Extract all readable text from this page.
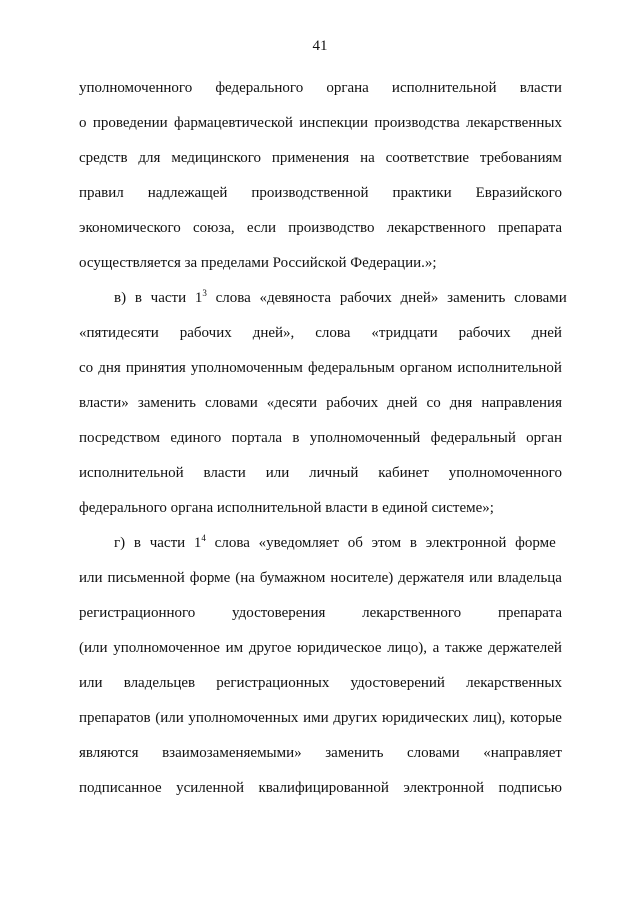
41
уполномоченного федерального органа исполнительной власти
о проведении фармацевтической инспекции производства лекарственных
средств для медицинского применения на соответствие требованиям
правил надлежащей производственной практики Евразийского
экономического союза, если производство лекарственного препарата
осуществляется за пределами Российской Федерации.»;
в) в части $1^3$ слова «девяноста рабочих дней» заменить словами
«пятидесяти рабочих дней», слова «тридцати рабочих дней
со дня принятия уполномоченным федеральным органом исполнительной
власти» заменить словами «десяти рабочих дней со дня направления
посредством единого портала в уполномоченный федеральный орган
исполнительной власти или личный кабинет уполномоченного
федерального органа исполнительной власти в единой системе»;
г) в части $1^4$ слова «уведомляет об этом в электронной форме
или письменной форме (на бумажном носителе) держателя или владельца
регистрационного удостоверения лекарственного препарата
(или уполномоченное им другое юридическое лицо), а также держателей
или владельцев регистрационных удостоверений лекарственных
препаратов (или уполномоченных ими других юридических лиц), которые
являются взаимозаменяемыми» заменить словами «направляет
подписанное усиленной квалифицированной электронной подписью
